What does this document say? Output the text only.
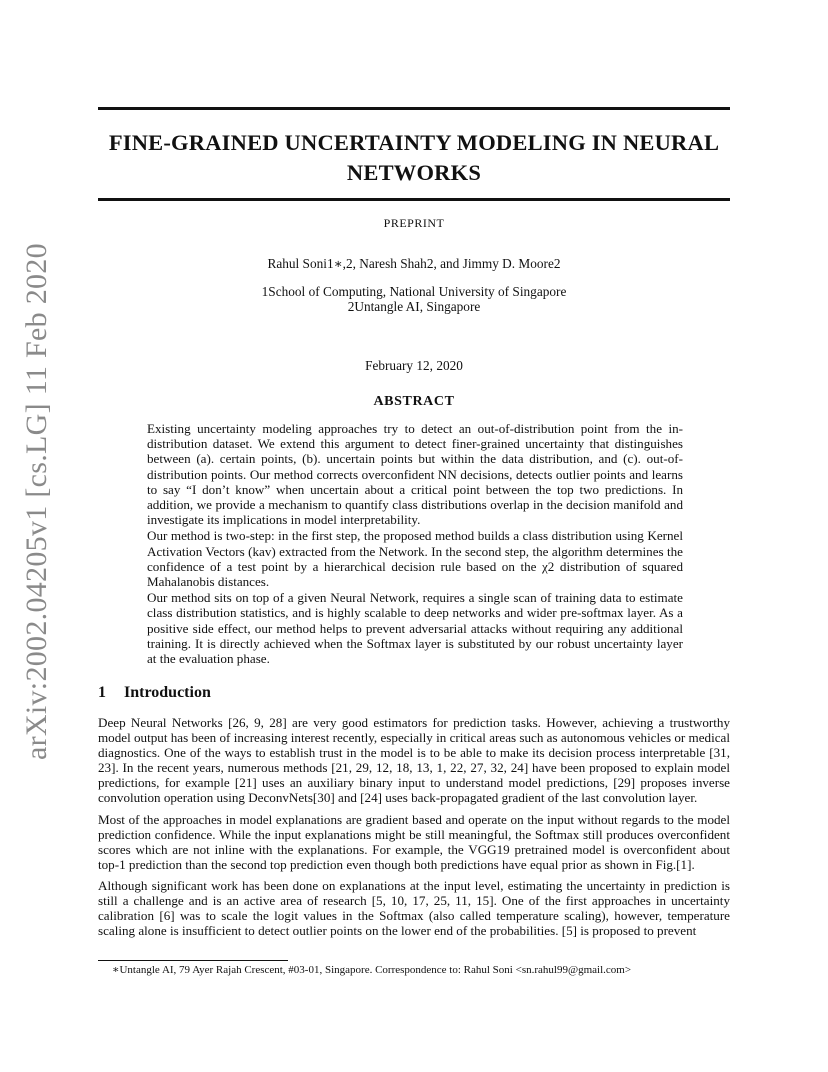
FINE-GRAINED UNCERTAINTY MODELING IN NEURAL
NETWORKS
arXiv:2002.04205v1 [cs.LG] 11 Feb 2020
PREPRINT
Rahul Soni1∗,2, Naresh Shah2, and Jimmy D. Moore2
1School of Computing, National University of Singapore
2Untangle AI, Singapore
February 12, 2020
ABSTRACT

Existing uncertainty modeling approaches try to detect an out-of-distribution point from the in-distribution dataset. We extend this argument to detect finer-grained uncertainty that distinguishes between (a). certain points, (b). uncertain points but within the data distribution, and (c). out-of-distribution points. Our method corrects overconfident NN decisions, detects outlier points and learns to say “I don’t know” when uncertain about a critical point between the top two predictions. In addition, we provide a mechanism to quantify class distributions overlap in the decision manifold and investigate its implications in model interpretability.

Our method is two-step: in the first step, the proposed method builds a class distribution using Kernel Activation Vectors (kav) extracted from the Network. In the second step, the algorithm determines the confidence of a test point by a hierarchical decision rule based on the χ2 distribution of squared Mahalanobis distances.

Our method sits on top of a given Neural Network, requires a single scan of training data to estimate class distribution statistics, and is highly scalable to deep networks and wider pre-softmax layer. As a positive side effect, our method helps to prevent adversarial attacks without requiring any additional training. It is directly achieved when the Softmax layer is substituted by our robust uncertainty layer at the evaluation phase.

1 Introduction

Deep Neural Networks [26, 9, 28] are very good estimators for prediction tasks. However, achieving a trustworthy model output has been of increasing interest recently, especially in critical areas such as autonomous vehicles or medical diagnostics. One of the ways to establish trust in the model is to be able to make its decision process interpretable [31, 23]. In the recent years, numerous methods [21, 29, 12, 18, 13, 1, 22, 27, 32, 24] have been proposed to explain model predictions, for example [21] uses an auxiliary binary input to understand model predictions, [29] proposes inverse convolution operation using DeconvNets[30] and [24] uses back-propagated gradient of the last convolution layer.

Most of the approaches in model explanations are gradient based and operate on the input without regards to the model prediction confidence. While the input explanations might be still meaningful, the Softmax still produces overconfident scores which are not inline with the explanations. For example, the VGG19 pretrained model is overconfident about top-1 prediction than the second top prediction even though both predictions have equal prior as shown in Fig.[1].

Although significant work has been done on explanations at the input level, estimating the uncertainty in prediction is still a challenge and is an active area of research [5, 10, 17, 25, 11, 15]. One of the first approaches in uncertainty calibration [6] was to scale the logit values in the Softmax (also called temperature scaling), however, temperature scaling alone is insufficient to detect outlier points on the lower end of the probabilities. [5] is proposed to prevent

∗Untangle AI, 79 Ayer Rajah Crescent, #03-01, Singapore. Correspondence to: Rahul Soni <sn.rahul99@gmail.com>
